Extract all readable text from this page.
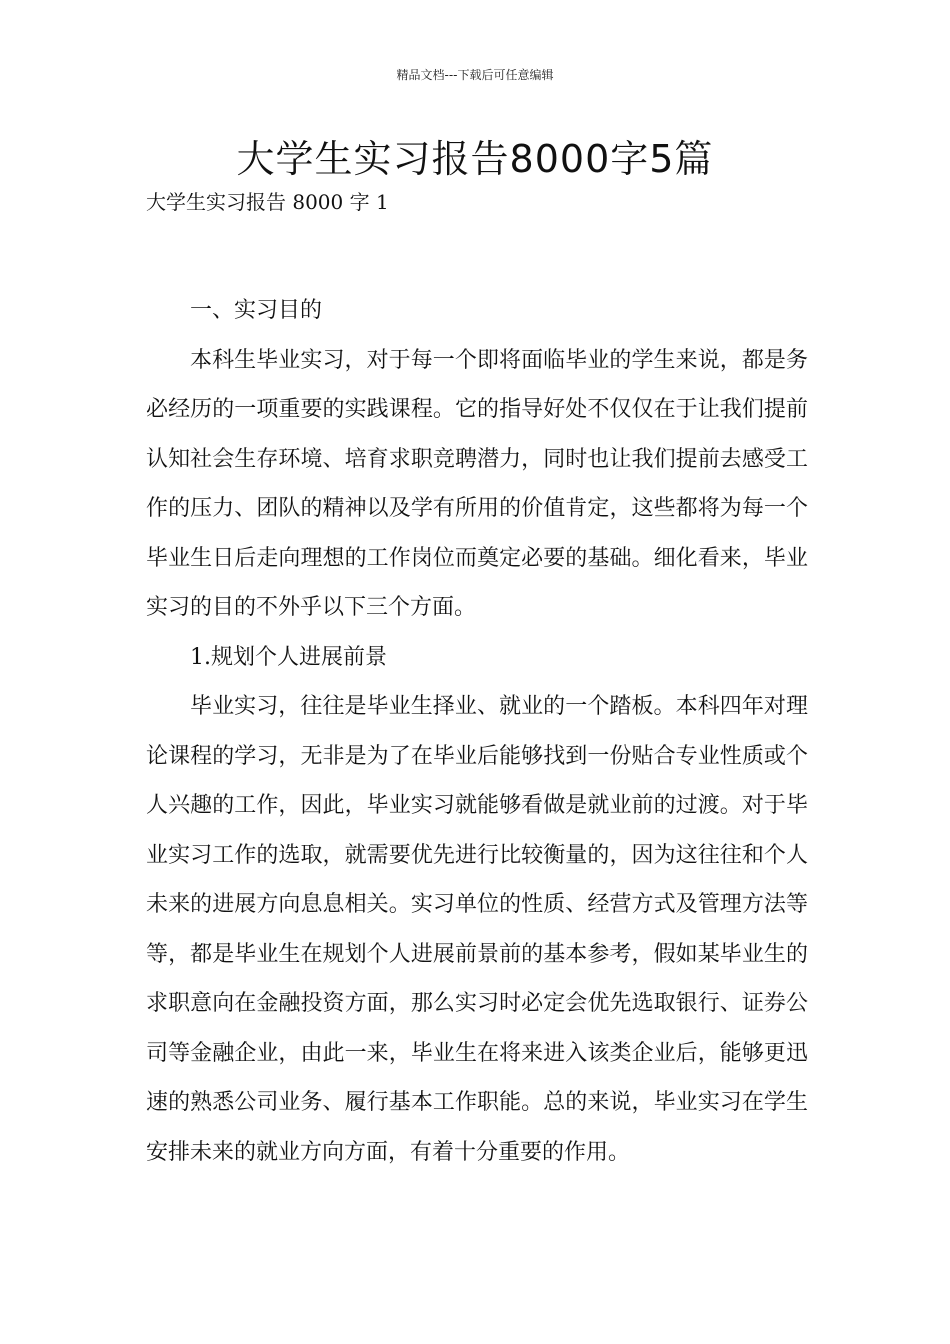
精品文档---下载后可任意编辑
大学生实习报告8000字5篇
大学生实习报告 8000 字 1

一、实习目的

本科生毕业实习，对于每一个即将面临毕业的学生来说，都是务必经历的一项重要的实践课程。它的指导好处不仅仅在于让我们提前认知社会生存环境、培育求职竞聘潜力，同时也让我们提前去感受工作的压力、团队的精神以及学有所用的价值肯定，这些都将为每一个毕业生日后走向理想的工作岗位而奠定必要的基础。细化看来，毕业实习的目的不外乎以下三个方面。

1.规划个人进展前景

毕业实习，往往是毕业生择业、就业的一个踏板。本科四年对理论课程的学习，无非是为了在毕业后能够找到一份贴合专业性质或个人兴趣的工作，因此，毕业实习就能够看做是就业前的过渡。对于毕业实习工作的选取，就需要优先进行比较衡量的，因为这往往和个人未来的进展方向息息相关。实习单位的性质、经营方式及管理方法等等，都是毕业生在规划个人进展前景前的基本参考，假如某毕业生的求职意向在金融投资方面，那么实习时必定会优先选取银行、证券公司等金融企业，由此一来，毕业生在将来进入该类企业后，能够更迅速的熟悉公司业务、履行基本工作职能。总的来说，毕业实习在学生安排未来的就业方向方面，有着十分重要的作用。
